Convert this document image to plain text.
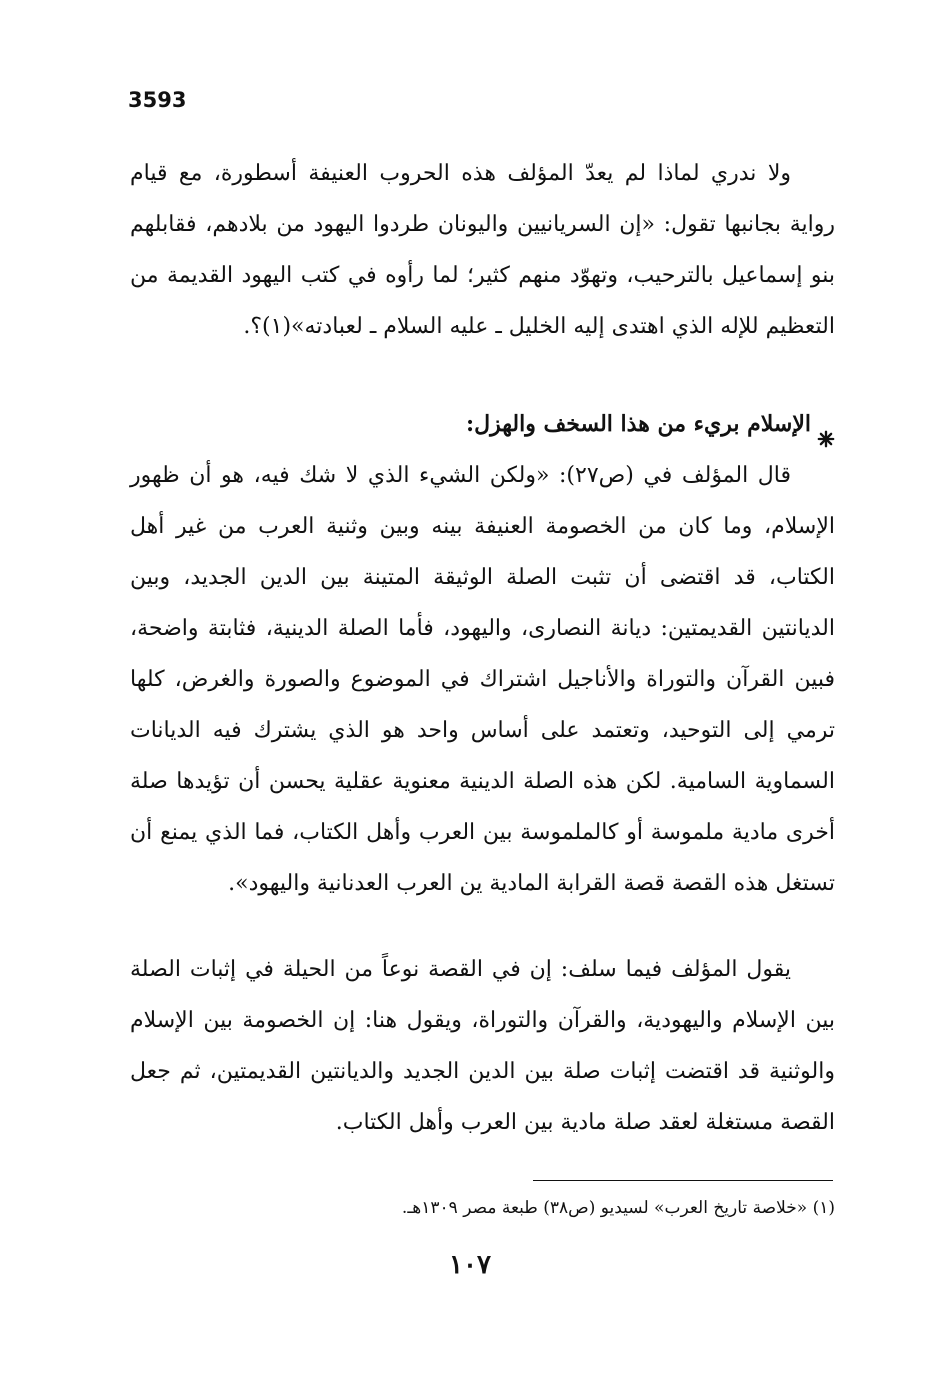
3593

ولا ندري لماذا لم يعدّ المؤلف هذه الحروب العنيفة أسطورة، مع قيام رواية بجانبها تقول: «إن السريانيين واليونان طردوا اليهود من بلادهم، فقابلهم بنو إسماعيل بالترحيب، وتهوّد منهم كثير؛ لما رأوه في كتب اليهود القديمة من التعظيم للإله الذي اهتدى إليه الخليل ـ عليه السلام ـ لعبادته»(١)؟.

الإسلام بريء من هذا السخف والهزل:

قال المؤلف في (ص٢٧): «ولكن الشيء الذي لا شك فيه، هو أن ظهور الإسلام، وما كان من الخصومة العنيفة بينه وبين وثنية العرب من غير أهل الكتاب، قد اقتضى أن تثبت الصلة الوثيقة المتينة بين الدين الجديد، وبين الديانتين القديمتين: ديانة النصارى، واليهود، فأما الصلة الدينية، فثابتة واضحة، فبين القرآن والتوراة والأناجيل اشتراك في الموضوع والصورة والغرض، كلها ترمي إلى التوحيد، وتعتمد على أساس واحد هو الذي يشترك فيه الديانات السماوية السامية. لكن هذه الصلة الدينية معنوية عقلية يحسن أن تؤيدها صلة أخرى مادية ملموسة أو كالملموسة بين العرب وأهل الكتاب، فما الذي يمنع أن تستغل هذه القصة قصة القرابة المادية ين العرب العدنانية واليهود».

يقول المؤلف فيما سلف: إن في القصة نوعاً من الحيلة في إثبات الصلة بين الإسلام واليهودية، والقرآن والتوراة، ويقول هنا: إن الخصومة بين الإسلام والوثنية قد اقتضت إثبات صلة بين الدين الجديد والديانتين القديمتين، ثم جعل القصة مستغلة لعقد صلة مادية بين العرب وأهل الكتاب.

(١) «خلاصة تاريخ العرب» لسيديو (ص٣٨) طبعة مصر ١٣٠٩هـ.
١٠٧
